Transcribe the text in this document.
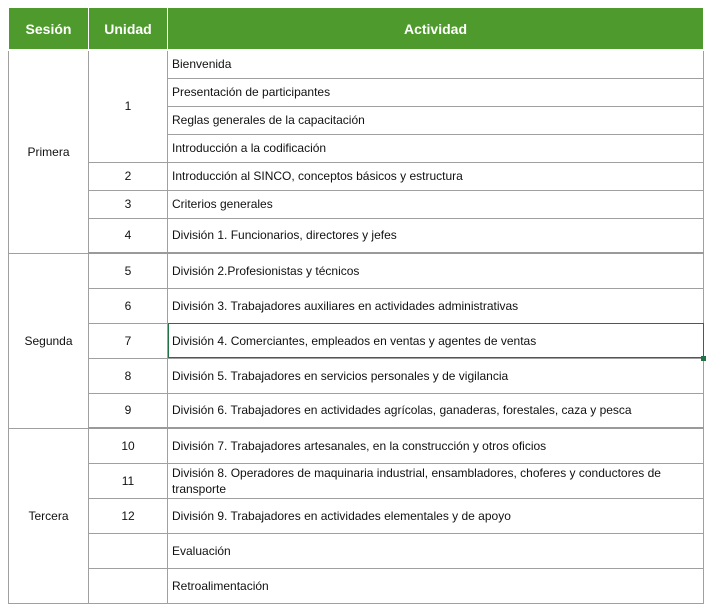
Sesión	Unidad	Actividad
Primera	1	Bienvenida
		Presentación de participantes
		Reglas generales de la capacitación
		Introducción a la codificación
	2	Introducción al SINCO, conceptos básicos y estructura
	3	Criterios generales
	4	División 1. Funcionarios, directores y jefes
Segunda	5	División 2.Profesionistas y técnicos
	6	División 3. Trabajadores auxiliares en actividades administrativas
	7	División 4. Comerciantes, empleados en ventas y agentes de ventas

	8	División 5. Trabajadores en servicios personales y de vigilancia
	9	División 6. Trabajadores en actividades agrícolas, ganaderas, forestales, caza y pesca
Tercera	10	División 7. Trabajadores artesanales, en la construcción y otros oficios
	11	División 8. Operadores de maquinaria industrial, ensambladores, choferes y conductores de transporte
	12	División 9. Trabajadores en actividades elementales y de apoyo
		Evaluación
		Retroalimentación
